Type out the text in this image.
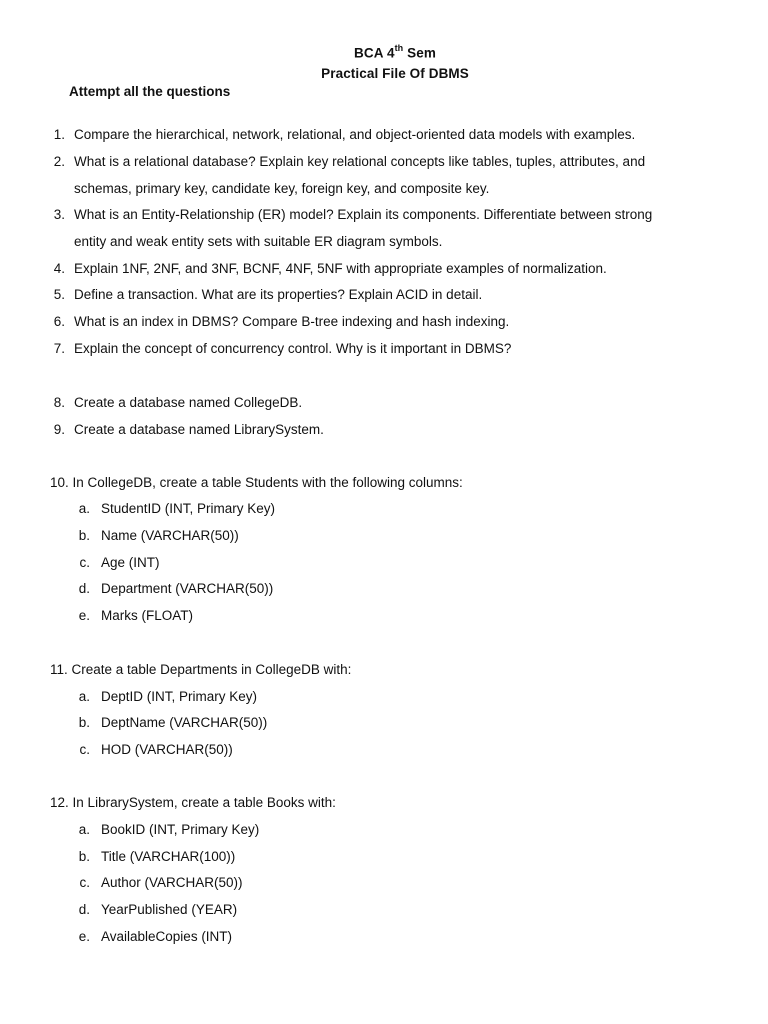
BCA 4th Sem
Practical File Of DBMS
Attempt all the questions
1. Compare the hierarchical, network, relational, and object-oriented data models with examples.
2. What is a relational database? Explain key relational concepts like tables, tuples, attributes, and
schemas, primary key, candidate key, foreign key, and composite key.
3. What is an Entity-Relationship (ER) model? Explain its components. Differentiate between strong
entity and weak entity sets with suitable ER diagram symbols.
4. Explain 1NF, 2NF, and 3NF, BCNF, 4NF, 5NF with appropriate examples of normalization.
5. Define a transaction. What are its properties? Explain ACID in detail.
6. What is an index in DBMS? Compare B-tree indexing and hash indexing.
7. Explain the concept of concurrency control. Why is it important in DBMS?
8. Create a database named CollegeDB.
9. Create a database named LibrarySystem.
10. In CollegeDB, create a table Students with the following columns:
a. StudentID (INT, Primary Key)
b. Name (VARCHAR(50))
c. Age (INT)
d. Department (VARCHAR(50))
e. Marks (FLOAT)
11. Create a table Departments in CollegeDB with:
a. DeptID (INT, Primary Key)
b. DeptName (VARCHAR(50))
c. HOD (VARCHAR(50))
12. In LibrarySystem, create a table Books with:
a. BookID (INT, Primary Key)
b. Title (VARCHAR(100))
c. Author (VARCHAR(50))
d. YearPublished (YEAR)
e. AvailableCopies (INT)
